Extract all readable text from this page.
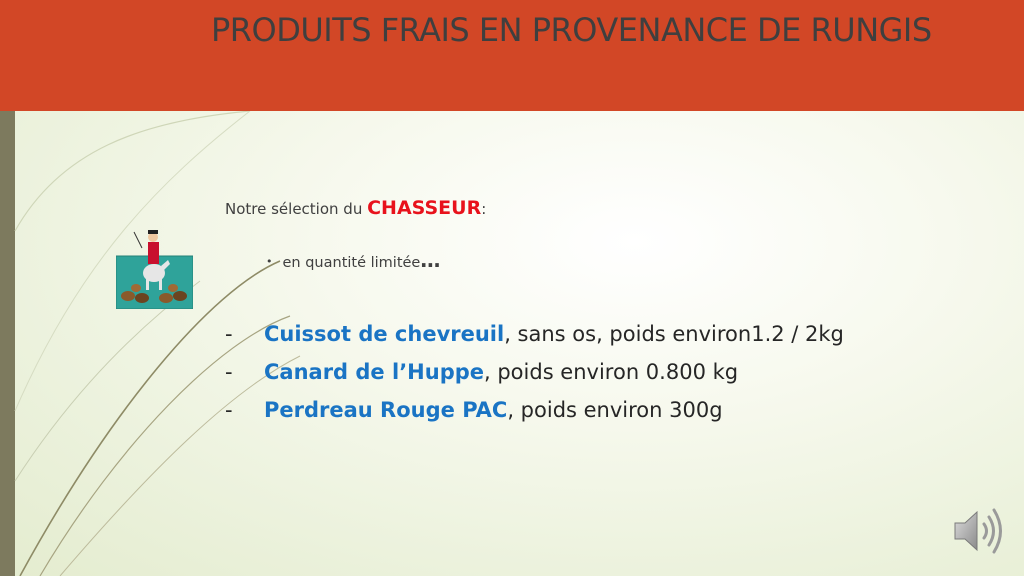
PRODUITS FRAIS EN PROVENANCE DE RUNGIS
Notre sélection du CHASSEUR:
• en quantité limitée…
- Cuissot de chevreuil, sans os, poids environ1.2 / 2kg
- Canard de l’Huppe, poids environ 0.800 kg
- Perdreau Rouge PAC, poids environ 300g
